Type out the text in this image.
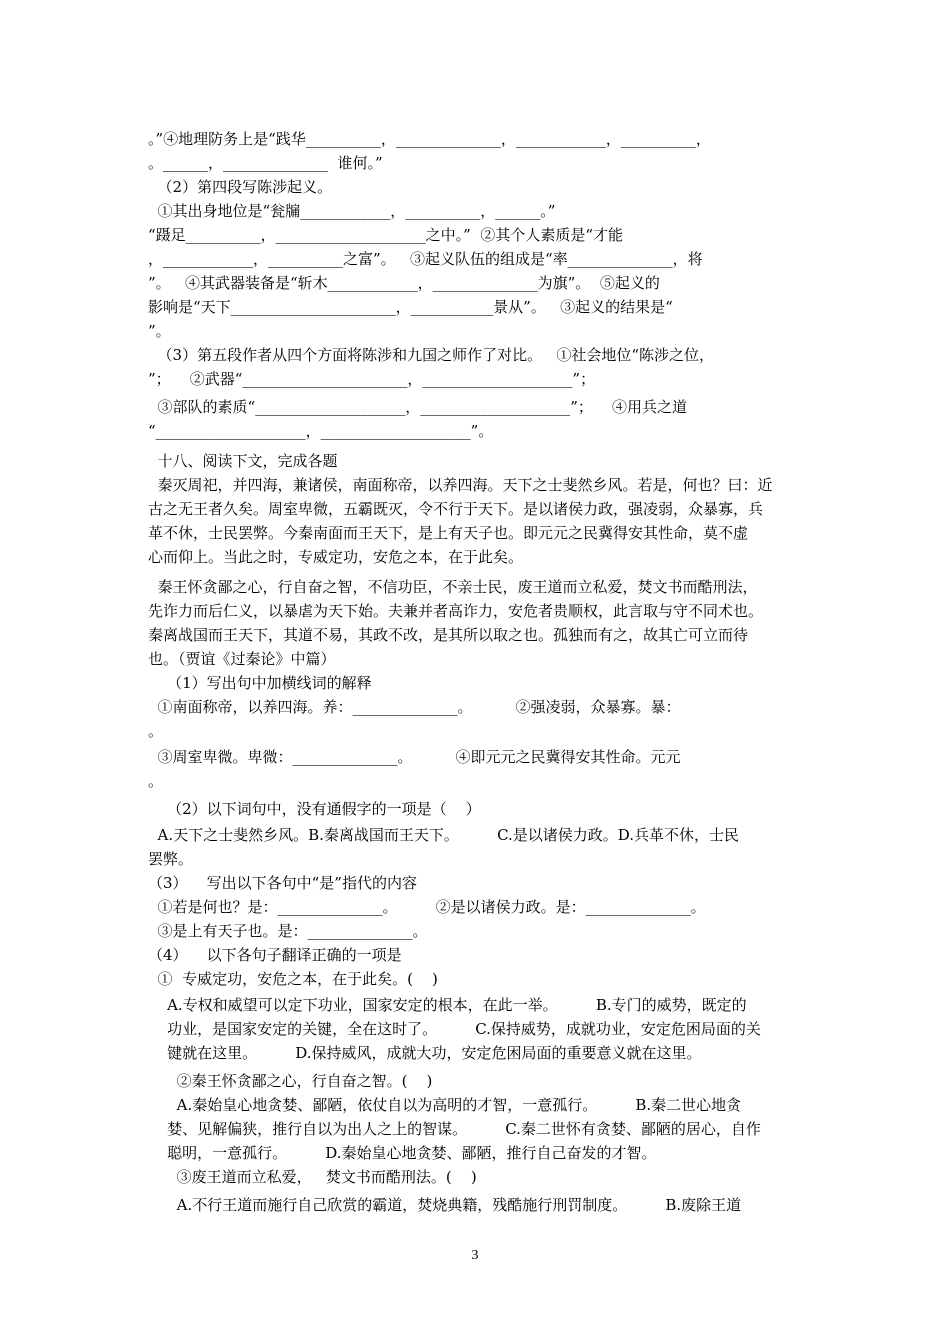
。”④地理防务上是“践华__________，______________，____________，__________，
。______，______________  谁何。”
（2）第四段写陈涉起义。
①其出身地位是“瓮牖____________，__________，______。”
“蹑足__________，____________________之中。”  ②其个人素质是“才能
，____________，__________之富”。   ③起义队伍的组成是“率______________，将
”。   ④其武器装备是“斩木____________，______________为旗”。  ⑤起义的
影响是“天下______________________，___________景从”。   ③起义的结果是“
”。
（3）第五段作者从四个方面将陈涉和九国之师作了对比。   ①社会地位“陈涉之位，
”；    ②武器“______________________，____________________”；
③部队的素质“____________________，____________________”；    ④用兵之道
“____________________，____________________”。
十八、阅读下文，完成各题
秦灭周祀，并四海，兼诸侯，南面称帝，以养四海。天下之士斐然乡风。若是，何也？曰：近
古之无王者久矣。周室卑微，五霸既灭，令不行于天下。是以诸侯力政，强凌弱，众暴寡，兵
革不休，士民罢弊。今秦南面而王天下，是上有天子也。即元元之民冀得安其性命，莫不虚
心而仰上。当此之时，专威定功，安危之本，在于此矣。
秦王怀贪鄙之心，行自奋之智，不信功臣，不亲士民，废王道而立私爱，焚文书而酷刑法，
先诈力而后仁义，以暴虐为天下始。夫兼并者高诈力，安危者贵顺权，此言取与守不同术也。
秦离战国而王天下，其道不易，其政不改，是其所以取之也。孤独而有之，故其亡可立而待
也。（贾谊《过秦论》中篇）
（1）写出句中加横线词的解释
①南面称帝，以养四海。养：______________。         ②强凌弱，众暴寡。暴：
。
③周室卑微。卑微：______________。         ④即元元之民冀得安其性命。元元
。
（2）以下词句中，没有通假字的一项是（    ）
A.天下之士斐然乡风。B.秦离战国而王天下。        C.是以诸侯力政。D.兵革不休，士民
罢弊。
（3）    写出以下各句中“是”指代的内容
①若是何也？是：______________。        ②是以诸侯力政。是：______________。
③是上有天子也。是：______________。
（4）    以下各句子翻译正确的一项是
①  专威定功，安危之本，在于此矣。(    )
A.专权和威望可以定下功业，国家安定的根本，在此一举。        B.专门的威势，既定的
功业，是国家安定的关键，全在这时了。        C.保持威势，成就功业，安定危困局面的关
键就在这里。        D.保持威风，成就大功，安定危困局面的重要意义就在这里。
②秦王怀贪鄙之心，行自奋之智。(    )
A.秦始皇心地贪婪、鄙陋，依仗自以为高明的才智，一意孤行。        B.秦二世心地贪
婪、见解偏狭，推行自以为出人之上的智谋。        C.秦二世怀有贪婪、鄙陋的居心，自作
聪明，一意孤行。        D.秦始皇心地贪婪、鄙陋，推行自己奋发的才智。
③废王道而立私爱，   焚文书而酷刑法。(    )
A.不行王道而施行自己欣赏的霸道，焚烧典籍，残酷施行刑罚制度。        B.废除王道
3
